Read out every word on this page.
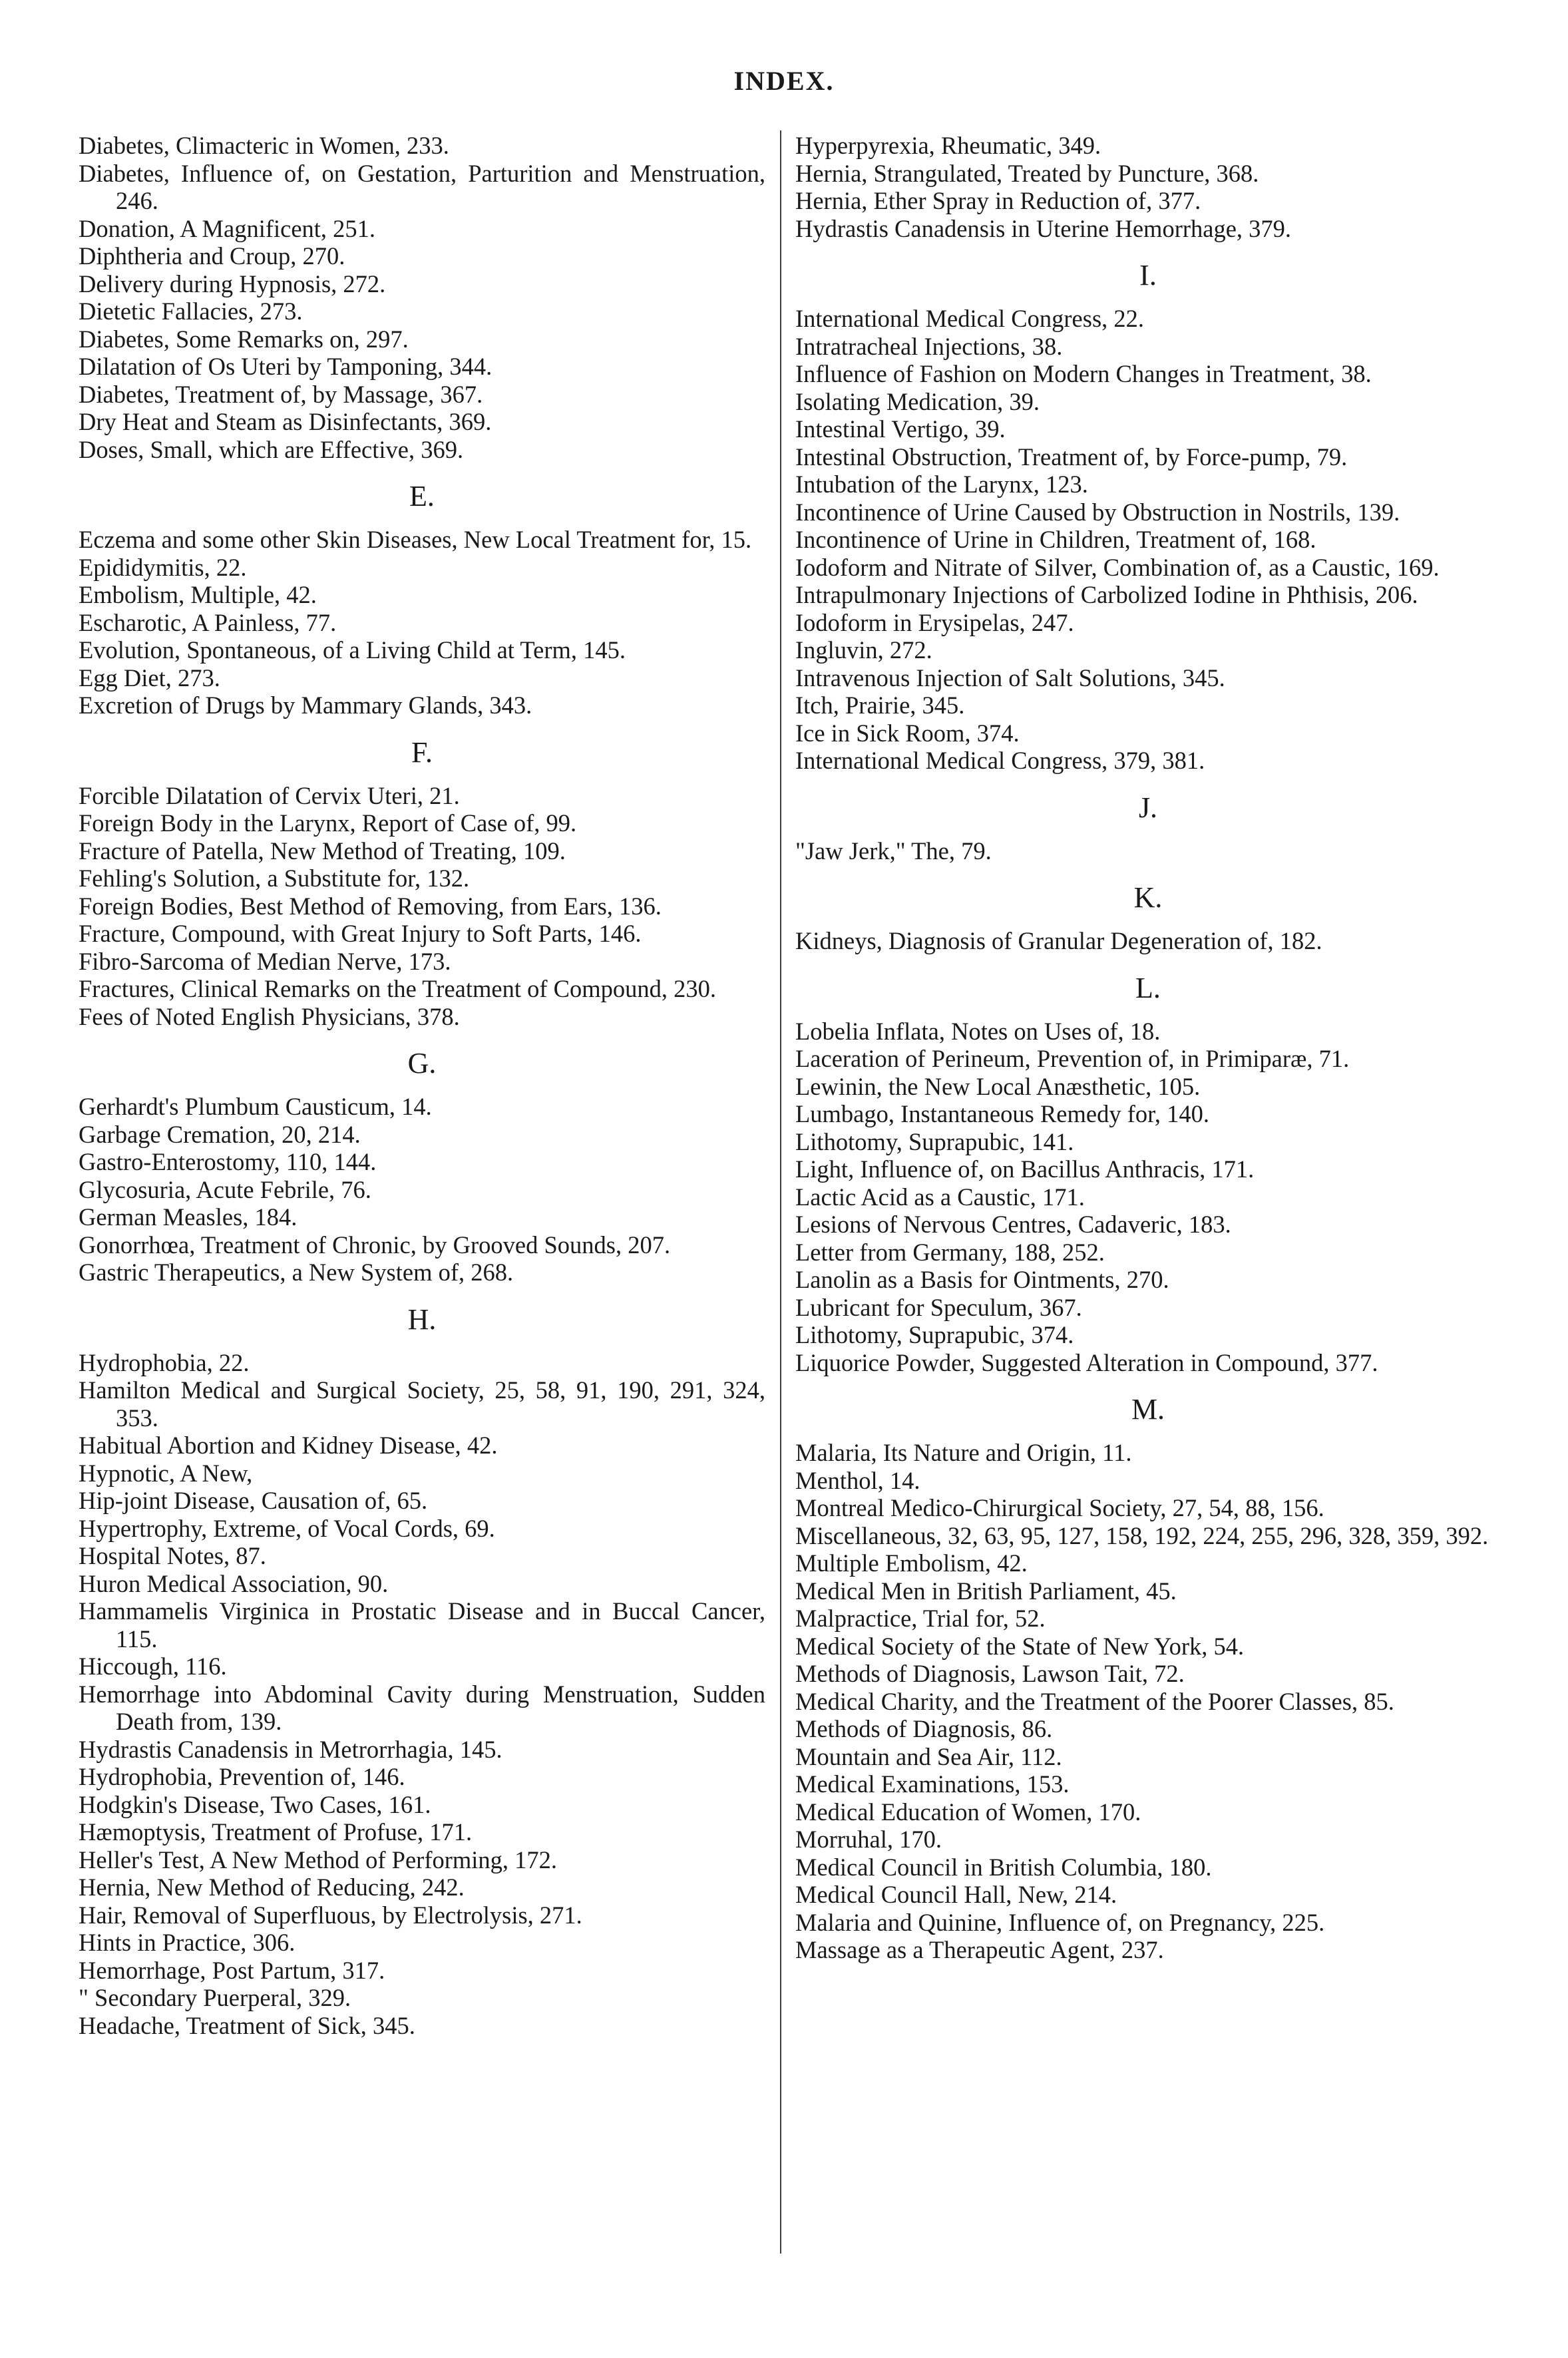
INDEX.

Diabetes, Climacteric in Women, 233.

Diabetes, Influence of, on Gestation, Parturition and Menstruation, 246.

Donation, A Magnificent, 251.

Diphtheria and Croup, 270.

Delivery during Hypnosis, 272.

Dietetic Fallacies, 273.

Diabetes, Some Remarks on, 297.

Dilatation of Os Uteri by Tamponing, 344.

Diabetes, Treatment of, by Massage, 367.

Dry Heat and Steam as Disinfectants, 369.

Doses, Small, which are Effective, 369.

E.

Eczema and some other Skin Diseases, New Local Treatment for, 15.

Epididymitis, 22.

Embolism, Multiple, 42.

Escharotic, A Painless, 77.

Evolution, Spontaneous, of a Living Child at Term, 145.

Egg Diet, 273.

Excretion of Drugs by Mammary Glands, 343.

F.

Forcible Dilatation of Cervix Uteri, 21.

Foreign Body in the Larynx, Report of Case of, 99.

Fracture of Patella, New Method of Treating, 109.

Fehling's Solution, a Substitute for, 132.

Foreign Bodies, Best Method of Removing, from Ears, 136.

Fracture, Compound, with Great Injury to Soft Parts, 146.

Fibro-Sarcoma of Median Nerve, 173.

Fractures, Clinical Remarks on the Treatment of Compound, 230.

Fees of Noted English Physicians, 378.

G.

Gerhardt's Plumbum Causticum, 14.

Garbage Cremation, 20, 214.

Gastro-Enterostomy, 110, 144.

Glycosuria, Acute Febrile, 76.

German Measles, 184.

Gonorrhœa, Treatment of Chronic, by Grooved Sounds, 207.

Gastric Therapeutics, a New System of, 268.

H.

Hydrophobia, 22.

Hamilton Medical and Surgical Society, 25, 58, 91, 190, 291, 324, 353.

Habitual Abortion and Kidney Disease, 42.

Hypnotic, A New,

Hip-joint Disease, Causation of, 65.

Hypertrophy, Extreme, of Vocal Cords, 69.

Hospital Notes, 87.

Huron Medical Association, 90.

Hammamelis Virginica in Prostatic Disease and in Buccal Cancer, 115.

Hiccough, 116.

Hemorrhage into Abdominal Cavity during Menstruation, Sudden Death from, 139.

Hydrastis Canadensis in Metrorrhagia, 145.

Hydrophobia, Prevention of, 146.

Hodgkin's Disease, Two Cases, 161.

Hæmoptysis, Treatment of Profuse, 171.

Heller's Test, A New Method of Performing, 172.

Hernia, New Method of Reducing, 242.

Hair, Removal of Superfluous, by Electrolysis, 271.

Hints in Practice, 306.

Hemorrhage, Post Partum, 317.

" Secondary Puerperal, 329.

Headache, Treatment of Sick, 345.

Hyperpyrexia, Rheumatic, 349.

Hernia, Strangulated, Treated by Puncture, 368.

Hernia, Ether Spray in Reduction of, 377.

Hydrastis Canadensis in Uterine Hemorrhage, 379.

I.

International Medical Congress, 22.

Intratracheal Injections, 38.

Influence of Fashion on Modern Changes in Treatment, 38.

Isolating Medication, 39.

Intestinal Vertigo, 39.

Intestinal Obstruction, Treatment of, by Force-pump, 79.

Intubation of the Larynx, 123.

Incontinence of Urine Caused by Obstruction in Nostrils, 139.

Incontinence of Urine in Children, Treatment of, 168.

Iodoform and Nitrate of Silver, Combination of, as a Caustic, 169.

Intrapulmonary Injections of Carbolized Iodine in Phthisis, 206.

Iodoform in Erysipelas, 247.

Ingluvin, 272.

Intravenous Injection of Salt Solutions, 345.

Itch, Prairie, 345.

Ice in Sick Room, 374.

International Medical Congress, 379, 381.

J.

"Jaw Jerk," The, 79.

K.

Kidneys, Diagnosis of Granular Degeneration of, 182.

L.

Lobelia Inflata, Notes on Uses of, 18.

Laceration of Perineum, Prevention of, in Primiparæ, 71.

Lewinin, the New Local Anæsthetic, 105.

Lumbago, Instantaneous Remedy for, 140.

Lithotomy, Suprapubic, 141.

Light, Influence of, on Bacillus Anthracis, 171.

Lactic Acid as a Caustic, 171.

Lesions of Nervous Centres, Cadaveric, 183.

Letter from Germany, 188, 252.

Lanolin as a Basis for Ointments, 270.

Lubricant for Speculum, 367.

Lithotomy, Suprapubic, 374.

Liquorice Powder, Suggested Alteration in Compound, 377.

M.

Malaria, Its Nature and Origin, 11.

Menthol, 14.

Montreal Medico-Chirurgical Society, 27, 54, 88, 156.

Miscellaneous, 32, 63, 95, 127, 158, 192, 224, 255, 296, 328, 359, 392.

Multiple Embolism, 42.

Medical Men in British Parliament, 45.

Malpractice, Trial for, 52.

Medical Society of the State of New York, 54.

Methods of Diagnosis, Lawson Tait, 72.

Medical Charity, and the Treatment of the Poorer Classes, 85.

Methods of Diagnosis, 86.

Mountain and Sea Air, 112.

Medical Examinations, 153.

Medical Education of Women, 170.

Morruhal, 170.

Medical Council in British Columbia, 180.

Medical Council Hall, New, 214.

Malaria and Quinine, Influence of, on Pregnancy, 225.

Massage as a Therapeutic Agent, 237.
